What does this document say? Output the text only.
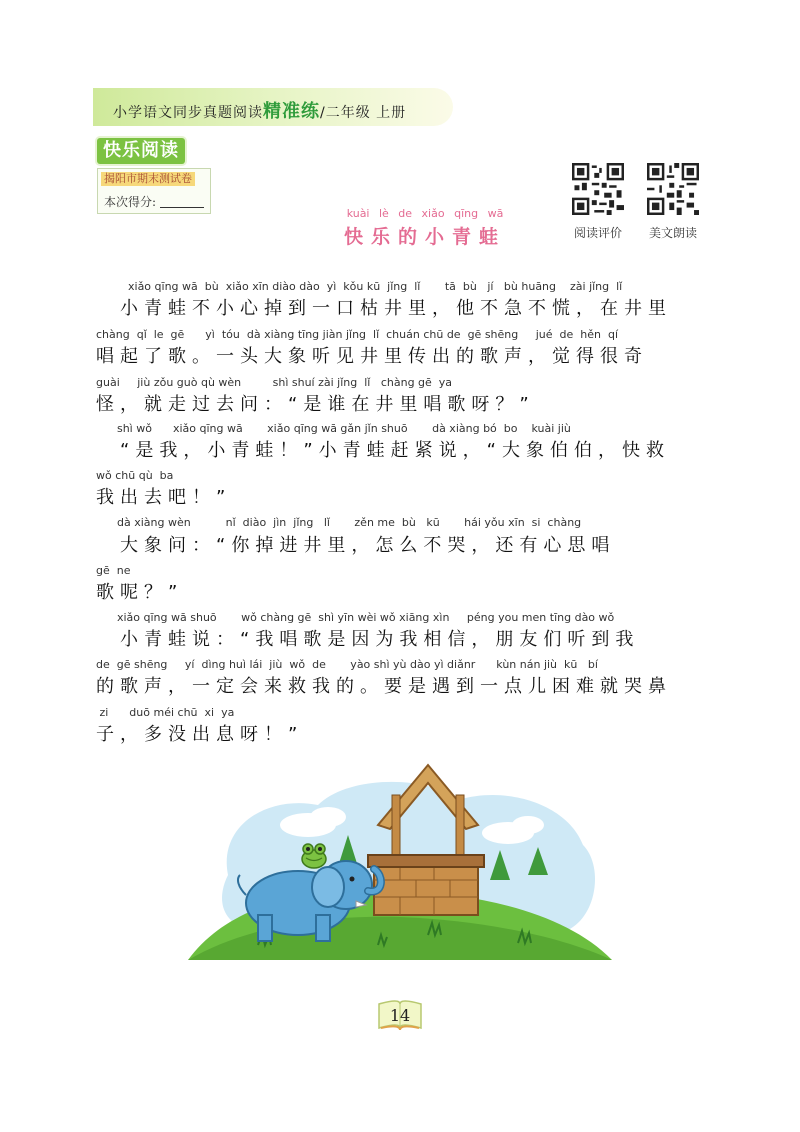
小学语文同步真题阅读精准练/二年级 上册
快乐阅读
揭阳市期末测试卷
本次得分:
阅读评价	美文朗读
kuài lè de xiǎo qīng wā
快乐的小青蛙
xiǎo qīng wā  bù  xiǎo xīn diào dào  yì  kǒu kū  jǐng  lǐ       tā  bù   jí   bù huāng    zài jǐng  lǐ
　小青蛙不小心掉到一口枯井里，他不急不慌，在井里
chàng  qǐ  le  gē      yì  tóu  dà xiàng tīng jiàn jǐng  lǐ  chuán chū de  gē shēng     jué  de  hěn  qí
唱起了歌。一头大象听见井里传出的歌声，觉得很奇
guài     jiù zǒu guò qù wèn         shì shuí zài jǐng  lǐ   chàng gē  ya
怪，就走过去问：“是谁在井里唱歌呀？”
shì wǒ      xiǎo qīng wā       xiǎo qīng wā gǎn jǐn shuō       dà xiàng bó  bo    kuài jiù
　“是我，小青蛙！”小青蛙赶紧说，“大象伯伯，快救
wǒ chū qù  ba
我出去吧！”
dà xiàng wèn          nǐ  diào  jìn  jǐng   lǐ       zěn me  bù   kū       hái yǒu xīn  si  chàng
　大象问：“你掉进井里，怎么不哭，还有心思唱
gē  ne
歌呢？”
xiǎo qīng wā shuō       wǒ chàng gē  shì yīn wèi wǒ xiāng xìn     péng you men tīng dào wǒ
　小青蛙说：“我唱歌是因为我相信，朋友们听到我
de  gē shēng     yí  dìng huì lái  jiù  wǒ  de       yào shì yù dào yì diǎnr      kùn nán jiù  kū   bí
的歌声，一定会来救我的。要是遇到一点儿困难就哭鼻
zi      duō méi chū  xi  ya
子，多没出息呀！”
14
